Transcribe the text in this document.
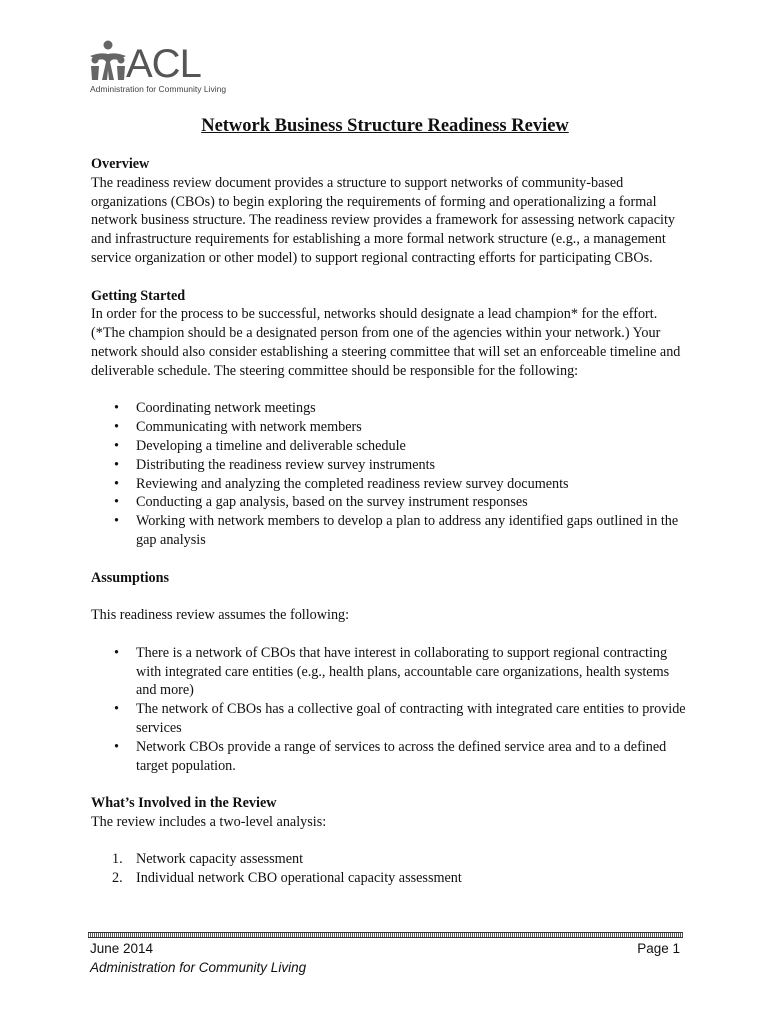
ACL
Administration for Community Living
Network Business Structure Readiness Review
Overview

The readiness review document provides a structure to support networks of community-based organizations (CBOs) to begin exploring the requirements of forming and operationalizing a formal network business structure. The readiness review provides a framework for assessing network capacity and infrastructure requirements for establishing a more formal network structure (e.g., a management service organization or other model) to support regional contracting efforts for participating CBOs.

Getting Started

In order for the process to be successful, networks should designate a lead champion* for the effort. (*The champion should be a designated person from one of the agencies within your network.) Your network should also consider establishing a steering committee that will set an enforceable timeline and deliverable schedule. The steering committee should be responsible for the following:

• Coordinating network meetings
• Communicating with network members
• Developing a timeline and deliverable schedule
• Distributing the readiness review survey instruments
• Reviewing and analyzing the completed readiness review survey documents
• Conducting a gap analysis, based on the survey instrument responses
• Working with network members to develop a plan to address any identified gaps outlined in the gap analysis
Assumptions

This readiness review assumes the following:

• There is a network of CBOs that have interest in collaborating to support regional contracting with integrated care entities (e.g., health plans, accountable care organizations, health systems and more)
• The network of CBOs has a collective goal of contracting with integrated care entities to provide services
• Network CBOs provide a range of services to across the defined service area and to a defined target population.
What’s Involved in the Review

The review includes a two-level analysis:

1. Network capacity assessment
2. Individual network CBO operational capacity assessment
June 2014	Page 1
Administration for Community Living
